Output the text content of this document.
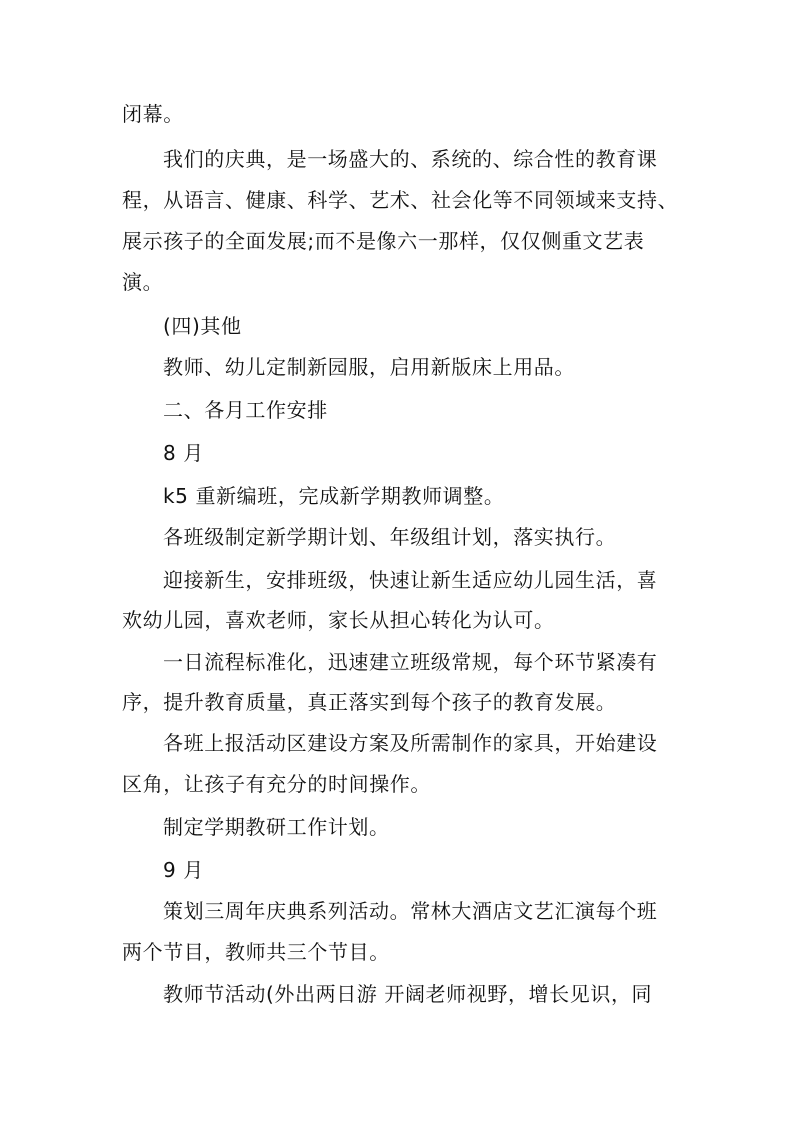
闭幕。
我们的庆典，是一场盛大的、系统的、综合性的教育课
程，从语言、健康、科学、艺术、社会化等不同领域来支持、
展示孩子的全面发展;而不是像六一那样，仅仅侧重文艺表
演。
(四)其他
教师、幼儿定制新园服，启用新版床上用品。
二、各月工作安排
8 月
k5 重新编班，完成新学期教师调整。
各班级制定新学期计划、年级组计划，落实执行。
迎接新生，安排班级，快速让新生适应幼儿园生活，喜
欢幼儿园，喜欢老师，家长从担心转化为认可。
一日流程标准化，迅速建立班级常规，每个环节紧凑有
序，提升教育质量，真正落实到每个孩子的教育发展。
各班上报活动区建设方案及所需制作的家具，开始建设
区角，让孩子有充分的时间操作。
制定学期教研工作计划。
9 月
策划三周年庆典系列活动。常林大酒店文艺汇演每个班
两个节目，教师共三个节目。
教师节活动(外出两日游 开阔老师视野，增长见识，同
